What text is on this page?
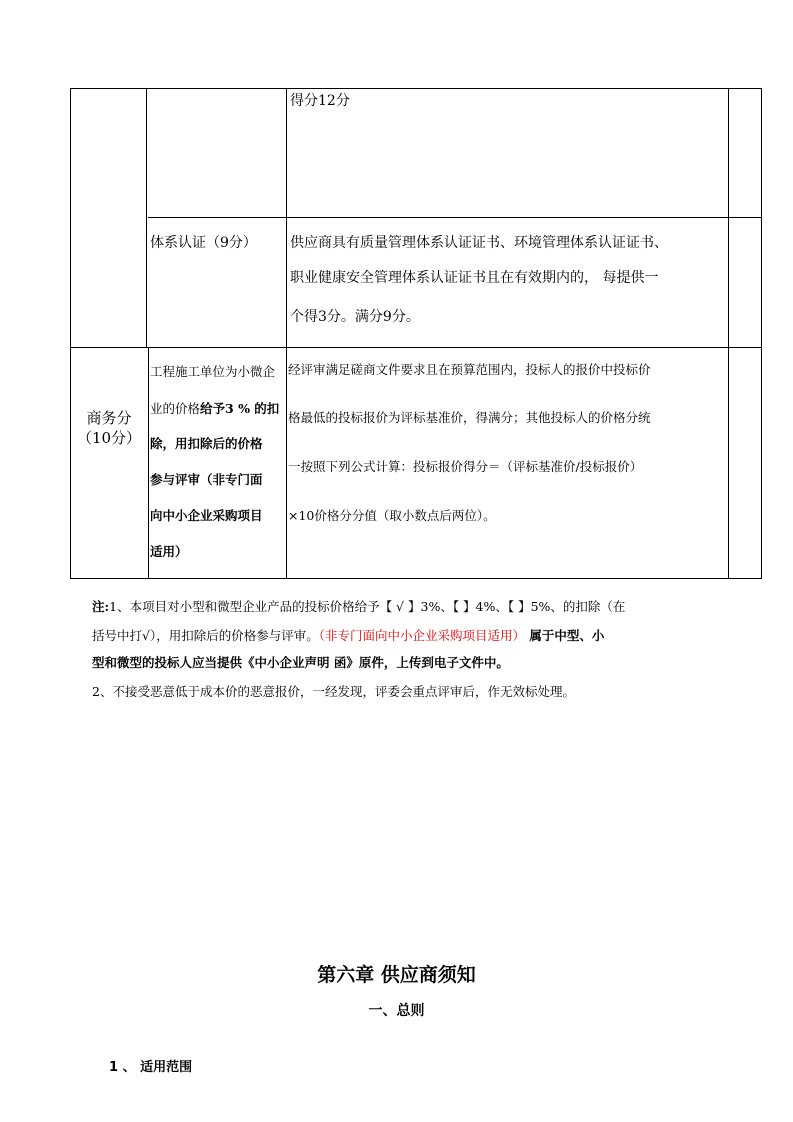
得分12分
体系认证（9分） 供应商具有质量管理体系认证证书、环境管理体系认证证书、
职业健康安全管理体系认证证书且在有效期内的， 每提供一
个得3分。满分9分。
商务分
（10分）
工程施工单位为小微企
业的价格给予3 % 的扣
除，用扣除后的价格
参与评审（非专门面
向中小企业采购项目
适用）
经评审满足磋商文件要求且在预算范围内，投标人的报价中投标价
格最低的投标报价为评标基准价，得满分；其他投标人的价格分统
一按照下列公式计算：投标报价得分＝（评标基准价/投标报价）
×10价格分分值（取小数点后两位）。
注:1、本项目对小型和微型企业产品的投标价格给予【 √ 】3%、【 】4%、【 】5%、的扣除（在
括号中打√），用扣除后的价格参与评审。（非专门面向中小企业采购项目适用） 属于中型、小
型和微型的投标人应当提供《中小企业声明 函》原件，上传到电子文件中。
2、不接受恶意低于成本价的恶意报价，一经发现，评委会重点评审后，作无效标处理。
第六章 供应商须知
一、总则
1 、 适用范围
